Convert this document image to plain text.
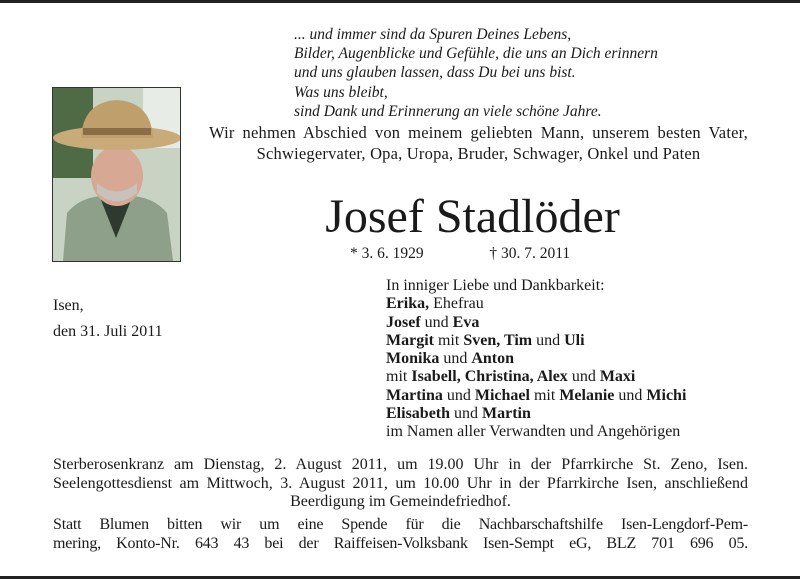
... und immer sind da Spuren Deines Lebens,
Bilder, Augenblicke und Gefühle, die uns an Dich erinnern
und uns glauben lassen, dass Du bei uns bist.
Was uns bleibt,
sind Dank und Erinnerung an viele schöne Jahre.
Wir nehmen Abschied von meinem geliebten Mann, unserem besten Vater, Schwiegervater, Opa, Uropa, Bruder, Schwager, Onkel und Paten
Josef Stadlöder
* 3. 6. 1929	† 30. 7. 2011
Isen,
den 31. Juli 2011
In inniger Liebe und Dankbarkeit:
Erika, Ehefrau
Josef und Eva
Margit mit Sven, Tim und Uli
Monika und Anton
mit Isabell, Christina, Alex und Maxi
Martina und Michael mit Melanie und Michi
Elisabeth und Martin
im Namen aller Verwandten und Angehörigen
Sterberosenkranz am Dienstag, 2. August 2011, um 19.00 Uhr in der Pfarrkirche St. Zeno, Isen. Seelengottesdienst am Mittwoch, 3. August 2011, um 10.00 Uhr in der Pfarrkirche Isen, anschließend Beerdigung im Gemeindefriedhof.
Statt Blumen bitten wir um eine Spende für die Nachbarschaftshilfe Isen-Lengdorf-Pem-
mering, Konto-Nr. 643 43 bei der Raiffeisen-Volksbank Isen-Sempt eG, BLZ 701 696 05.
